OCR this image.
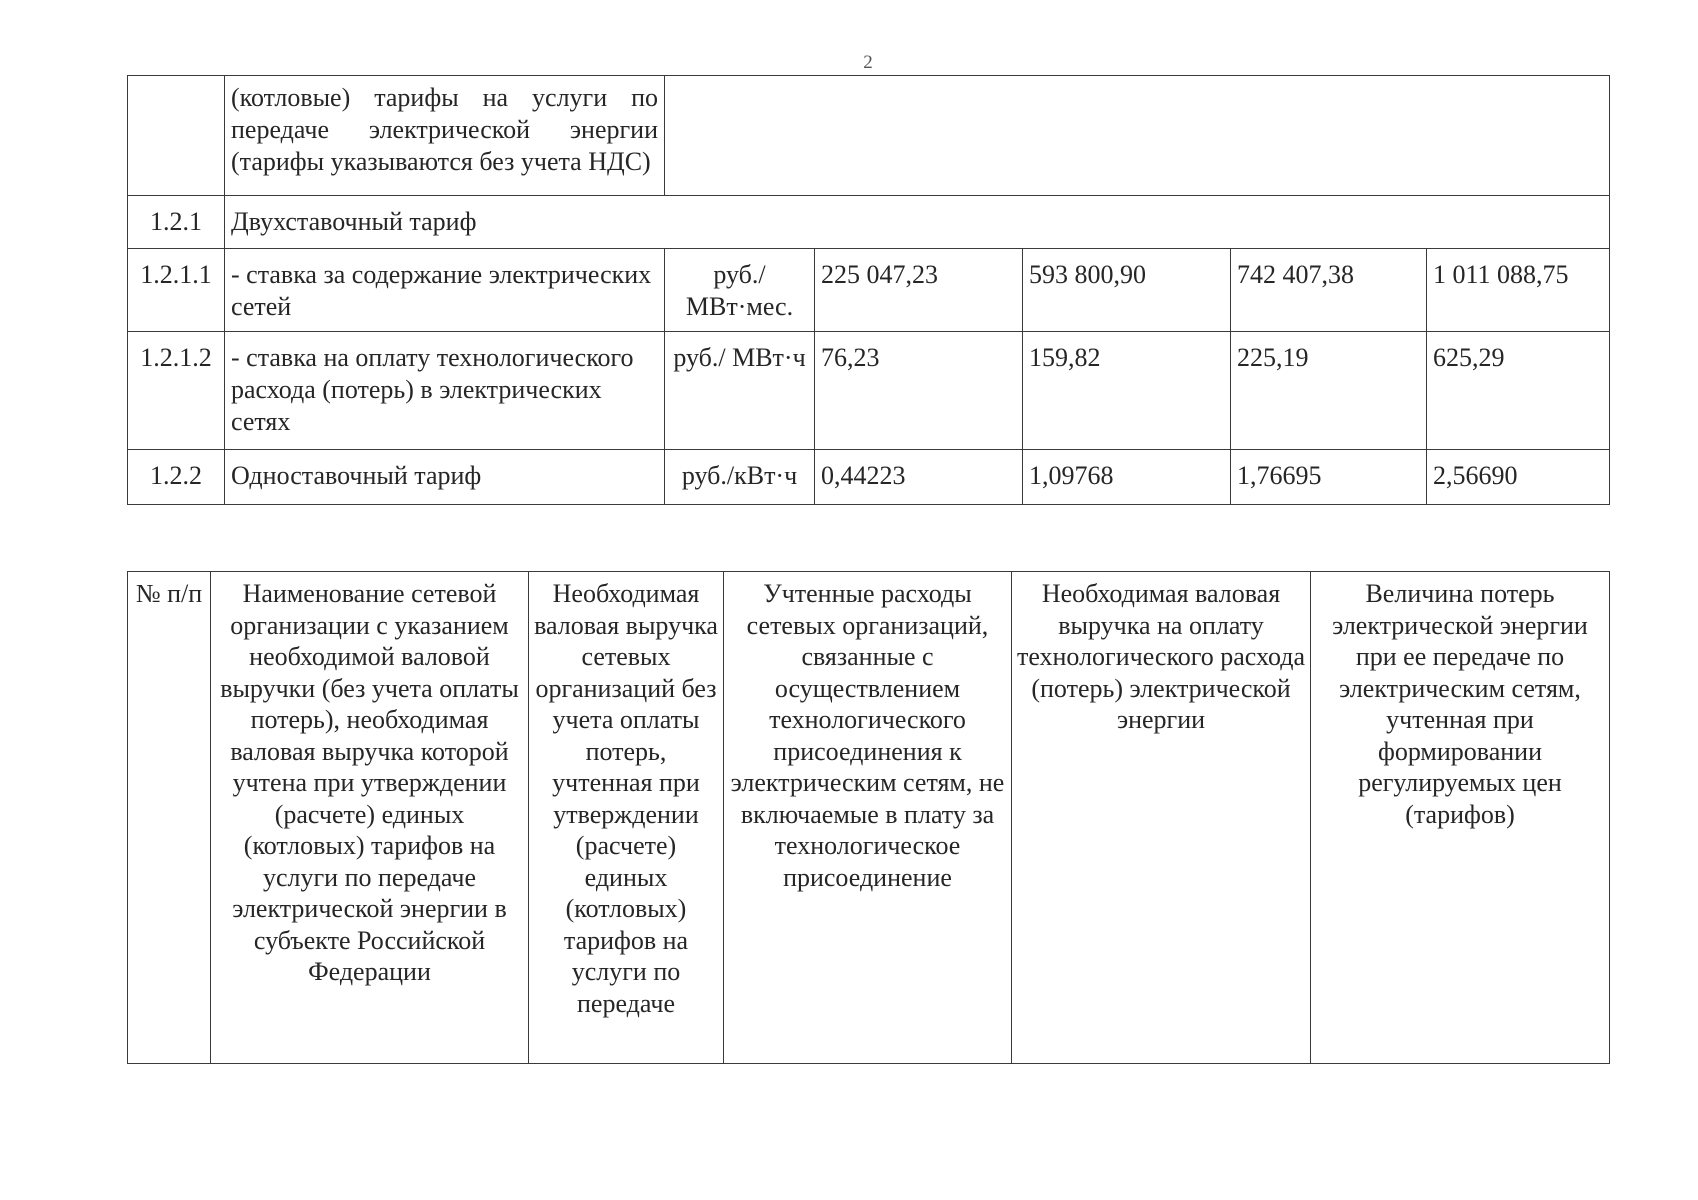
2
	(котловые) тарифы на услуги по передаче электрической энергии (тарифы указываются без учета НДС)					
1.2.1	Двухставочный тариф					
1.2.1.1	- ставка за содержание электрических сетей	руб./ МВт·мес.	225 047,23	593 800,90	742 407,38	1 011 088,75
1.2.1.2	- ставка на оплату технологического расхода (потерь) в электрических сетях	руб./ МВт·ч	76,23	159,82	225,19	625,29
1.2.2	Одноставочный тариф	руб./кВт·ч	0,44223	1,09768	1,76695	2,56690
№ п/п	Наименование сетевой организации с указанием необходимой валовой выручки (без учета оплаты потерь), необходимая валовая выручка которой учтена при утверждении (расчете) единых (котловых) тарифов на услуги по передаче электрической энергии в субъекте Российской Федерации	Необходимая валовая выручка сетевых организаций без учета оплаты потерь, учтенная при утверждении (расчете) единых (котловых) тарифов на услуги по передаче	Учтенные расходы сетевых организаций, связанные с осуществлением технологического присоединения к электрическим сетям, не включаемые в плату за технологическое присоединение	Необходимая валовая выручка на оплату технологического расхода (потерь) электрической энергии	Величина потерь электрической энергии при ее передаче по электрическим сетям, учтенная при формировании регулируемых цен (тарифов)
